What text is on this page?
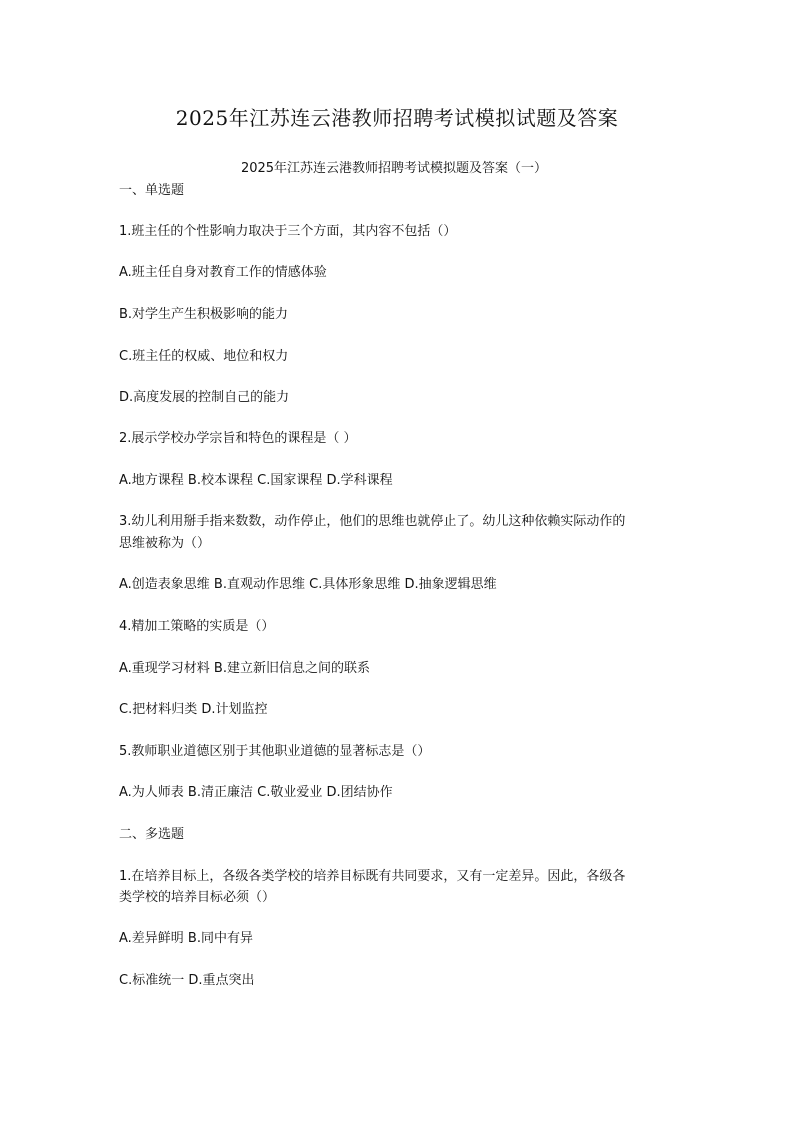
2025年江苏连云港教师招聘考试模拟试题及答案
2025年江苏连云港教师招聘考试模拟题及答案（一）
一、单选题
1.班主任的个性影响力取决于三个方面，其内容不包括（）
A.班主任自身对教育工作的情感体验
B.对学生产生积极影响的能力
C.班主任的权威、地位和权力
D.高度发展的控制自己的能力
2.展示学校办学宗旨和特色的课程是（ ）
A.地方课程 B.校本课程 C.国家课程 D.学科课程
3.幼儿利用掰手指来数数，动作停止，他们的思维也就停止了。幼儿这种依赖实际动作的
思维被称为（）
A.创造表象思维 B.直观动作思维 C.具体形象思维 D.抽象逻辑思维
4.精加工策略的实质是（）
A.重现学习材料 B.建立新旧信息之间的联系
C.把材料归类 D.计划监控
5.教师职业道德区别于其他职业道德的显著标志是（）
A.为人师表 B.清正廉洁 C.敬业爱业 D.团结协作
二、多选题
1.在培养目标上，各级各类学校的培养目标既有共同要求，又有一定差异。因此，各级各
类学校的培养目标必须（）
A.差异鲜明 B.同中有异
C.标准统一 D.重点突出
